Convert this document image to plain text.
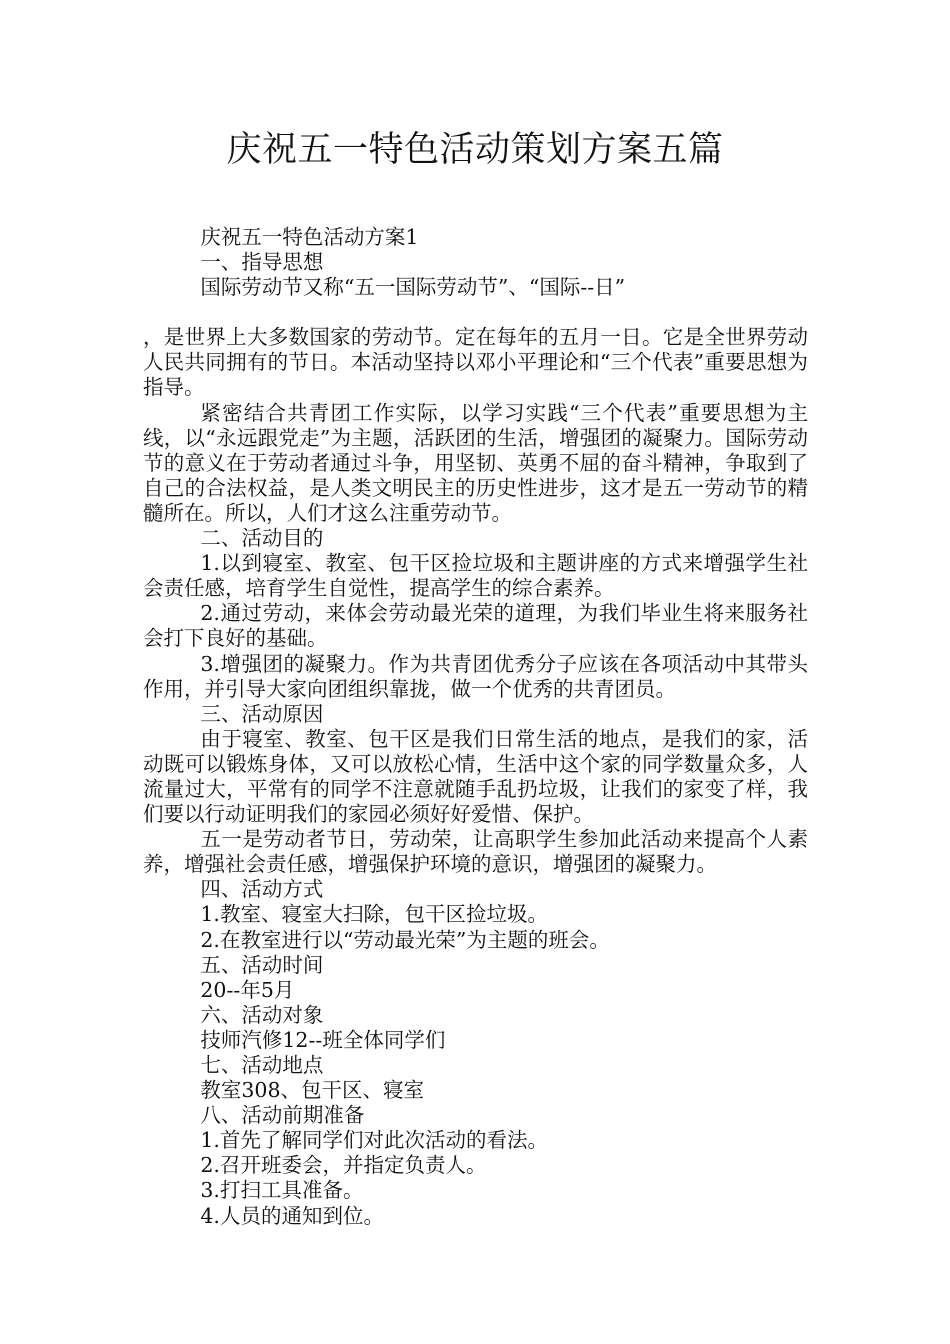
庆祝五一特色活动策划方案五篇

庆祝五一特色活动方案1

一、指导思想

国际劳动节又称“五一国际劳动节”、“国际--日”

，是世界上大多数国家的劳动节。定在每年的五月一日。它是全世界劳动人民共同拥有的节日。本活动坚持以邓小平理论和“三个代表”重要思想为指导。

紧密结合共青团工作实际，以学习实践“三个代表”重要思想为主线，以“永远跟党走”为主题，活跃团的生活，增强团的凝聚力。国际劳动节的意义在于劳动者通过斗争，用坚韧、英勇不屈的奋斗精神，争取到了自己的合法权益，是人类文明民主的历史性进步，这才是五一劳动节的精髓所在。所以，人们才这么注重劳动节。

二、活动目的

1.以到寝室、教室、包干区捡垃圾和主题讲座的方式来增强学生社会责任感，培育学生自觉性，提高学生的综合素养。

2.通过劳动，来体会劳动最光荣的道理，为我们毕业生将来服务社会打下良好的基础。

3.增强团的凝聚力。作为共青团优秀分子应该在各项活动中其带头作用，并引导大家向团组织靠拢，做一个优秀的共青团员。

三、活动原因

由于寝室、教室、包干区是我们日常生活的地点，是我们的家，活动既可以锻炼身体，又可以放松心情，生活中这个家的同学数量众多，人流量过大，平常有的同学不注意就随手乱扔垃圾，让我们的家变了样，我们要以行动证明我们的家园必须好好爱惜、保护。

五一是劳动者节日，劳动荣，让高职学生参加此活动来提高个人素养，增强社会责任感，增强保护环境的意识，增强团的凝聚力。

四、活动方式

1.教室、寝室大扫除，包干区捡垃圾。

2.在教室进行以“劳动最光荣”为主题的班会。

五、活动时间

20--年5月

六、活动对象

技师汽修12--班全体同学们

七、活动地点

教室308、包干区、寝室

八、活动前期准备

1.首先了解同学们对此次活动的看法。

2.召开班委会，并指定负责人。

3.打扫工具准备。

4.人员的通知到位。
